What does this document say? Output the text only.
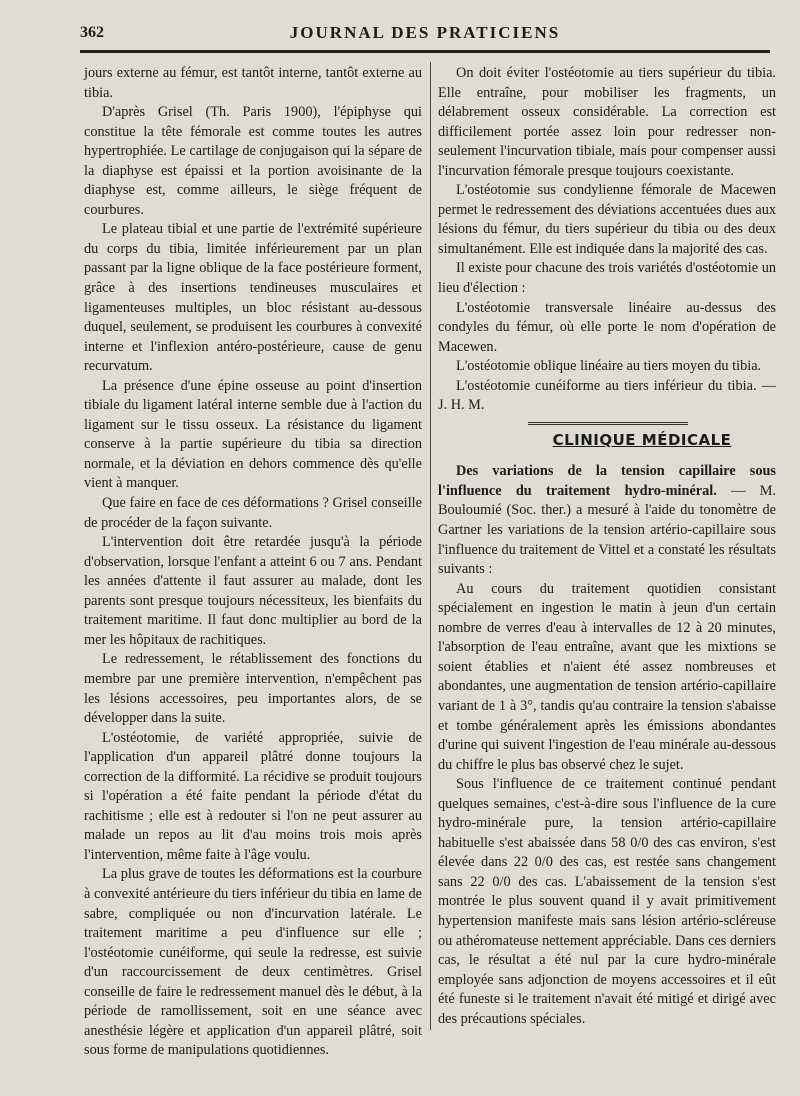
362	JOURNAL DES PRATICIENS

jours externe au fémur, est tantôt interne, tantôt externe au tibia.

D'après Grisel (Th. Paris 1900), l'épiphyse qui constitue la tête fémorale est comme toutes les autres hypertrophiée. Le cartilage de conjugaison qui la sépare de la diaphyse est épaissi et la portion avoisinante de la diaphyse est, comme ailleurs, le siège fréquent de courbures.

Le plateau tibial et une partie de l'extrémité supérieure du corps du tibia, limitée inférieurement par un plan passant par la ligne oblique de la face postérieure forment, grâce à des insertions tendineuses musculaires et ligamenteuses multiples, un bloc résistant au-dessous duquel, seulement, se produisent les courbures à convexité interne et l'inflexion antéro-postérieure, cause de genu recurvatum.

La présence d'une épine osseuse au point d'insertion tibiale du ligament latéral interne semble due à l'action du ligament sur le tissu osseux. La résistance du ligament conserve à la partie supérieure du tibia sa direction normale, et la déviation en dehors commence dès qu'elle vient à manquer.

Que faire en face de ces déformations ? Grisel conseille de procéder de la façon suivante.

L'intervention doit être retardée jusqu'à la période d'observation, lorsque l'enfant a atteint 6 ou 7 ans. Pendant les années d'attente il faut assurer au malade, dont les parents sont presque toujours nécessiteux, les bienfaits du traitement maritime. Il faut donc multiplier au bord de la mer les hôpitaux de rachitiques.

Le redressement, le rétablissement des fonctions du membre par une première intervention, n'empêchent pas les lésions accessoires, peu importantes alors, de se développer dans la suite.

L'ostéotomie, de variété appropriée, suivie de l'application d'un appareil plâtré donne toujours la correction de la difformité. La récidive se produit toujours si l'opération a été faite pendant la période d'état du rachitisme ; elle est à redouter si l'on ne peut assurer au malade un repos au lit d'au moins trois mois après l'intervention, même faite à l'âge voulu.

La plus grave de toutes les déformations est la courbure à convexité antérieure du tiers inférieur du tibia en lame de sabre, compliquée ou non d'incurvation latérale. Le traitement maritime a peu d'influence sur elle ; l'ostéotomie cunéiforme, qui seule la redresse, est suivie d'un raccourcissement de deux centimètres. Grisel conseille de faire le redressement manuel dès le début, à la période de ramollissement, soit en une séance avec anesthésie légère et application d'un appareil plâtré, soit sous forme de manipulations quotidiennes.

On doit éviter l'ostéotomie au tiers supérieur du tibia. Elle entraîne, pour mobiliser les fragments, un délabrement osseux considérable. La correction est difficilement portée assez loin pour redresser non-seulement l'incurvation tibiale, mais pour compenser aussi l'incurvation fémorale presque toujours coexistante.

L'ostéotomie sus condylienne fémorale de Macewen permet le redressement des déviations accentuées dues aux lésions du fémur, du tiers supérieur du tibia ou des deux simultanément. Elle est indiquée dans la majorité des cas.

Il existe pour chacune des trois variétés d'ostéotomie un lieu d'élection :

L'ostéotomie transversale linéaire au-dessus des condyles du fémur, où elle porte le nom d'opération de Macewen.

L'ostéotomie oblique linéaire au tiers moyen du tibia.

L'ostéotomie cunéiforme au tiers inférieur du tibia. — J. H. M.

CLINIQUE MÉDICALE

Des variations de la tension capillaire sous l'influence du traitement hydro-minéral. — M. Bouloumié (Soc. ther.) a mesuré à l'aide du tonomètre de Gartner les variations de la tension artério-capillaire sous l'influence du traitement de Vittel et a constaté les résultats suivants :

Au cours du traitement quotidien consistant spécialement en ingestion le matin à jeun d'un certain nombre de verres d'eau à intervalles de 12 à 20 minutes, l'absorption de l'eau entraîne, avant que les mixtions se soient établies et n'aient été assez nombreuses et abondantes, une augmentation de tension artério-capillaire variant de 1 à 3°, tandis qu'au contraire la tension s'abaisse et tombe généralement après les émissions abondantes d'urine qui suivent l'ingestion de l'eau minérale au-dessous du chiffre le plus bas observé chez le sujet.

Sous l'influence de ce traitement continué pendant quelques semaines, c'est-à-dire sous l'influence de la cure hydro-minérale pure, la tension artério-capillaire habituelle s'est abaissée dans 58 0/0 des cas environ, s'est élevée dans 22 0/0 des cas, est restée sans changement sans 22 0/0 des cas. L'abaissement de la tension s'est montrée le plus souvent quand il y avait primitivement hypertension manifeste mais sans lésion artério-scléreuse ou athéromateuse nettement appréciable. Dans ces derniers cas, le résultat a été nul par la cure hydro-minérale employée sans adjonction de moyens accessoires et il eût été funeste si le traitement n'avait été mitigé et dirigé avec des précautions spéciales.
